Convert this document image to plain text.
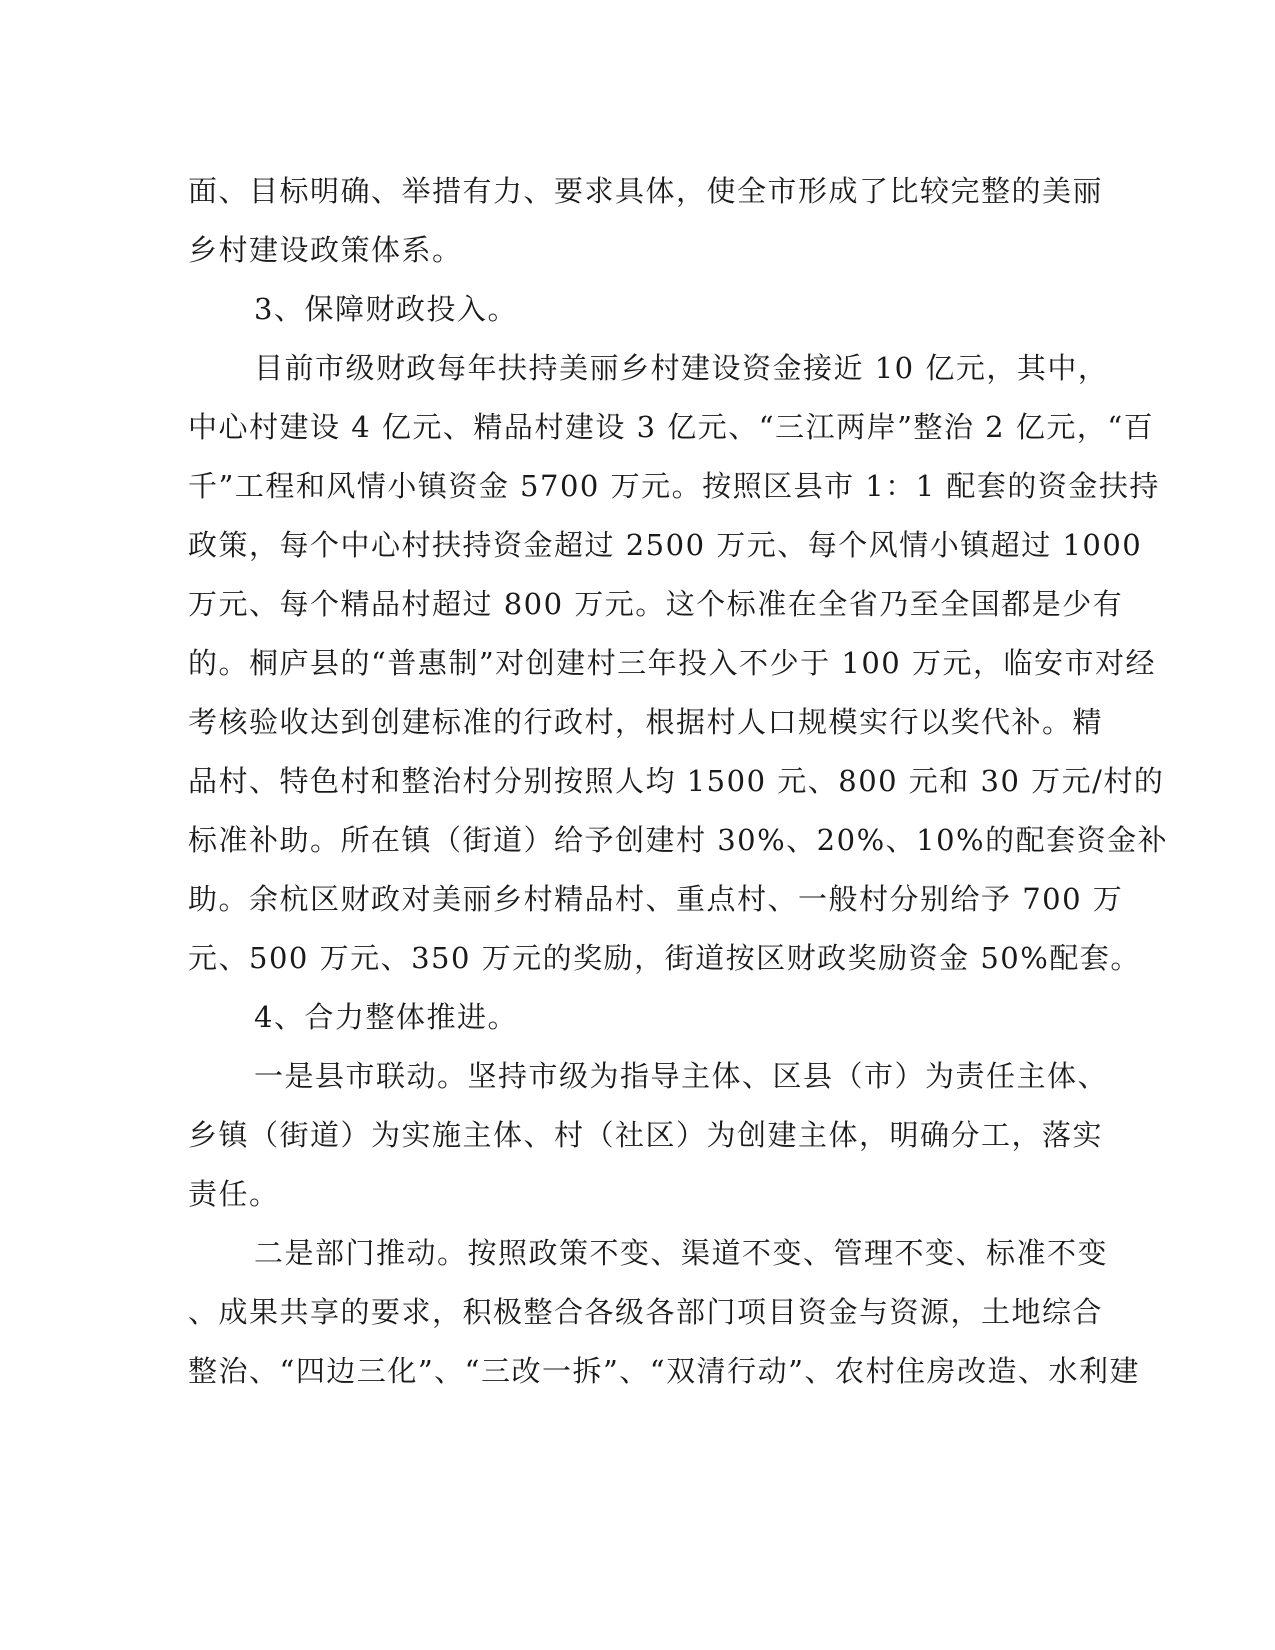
面、目标明确、举措有力、要求具体，使全市形成了比较完整的美丽
乡村建设政策体系。
3、保障财政投入。
目前市级财政每年扶持美丽乡村建设资金接近 10 亿元，其中，
中心村建设 4 亿元、精品村建设 3 亿元、“三江两岸”整治 2 亿元，“百
千”工程和风情小镇资金 5700 万元。按照区县市 1：1 配套的资金扶持
政策，每个中心村扶持资金超过 2500 万元、每个风情小镇超过 1000
万元、每个精品村超过 800 万元。这个标准在全省乃至全国都是少有
的。桐庐县的“普惠制”对创建村三年投入不少于 100 万元，临安市对经
考核验收达到创建标准的行政村，根据村人口规模实行以奖代补。精
品村、特色村和整治村分别按照人均 1500 元、800 元和 30 万元/村的
标准补助。所在镇（街道）给予创建村 30%、20%、10%的配套资金补
助。余杭区财政对美丽乡村精品村、重点村、一般村分别给予 700 万
元、500 万元、350 万元的奖励，街道按区财政奖励资金 50%配套。
4、合力整体推进。
一是县市联动。坚持市级为指导主体、区县（市）为责任主体、
乡镇（街道）为实施主体、村（社区）为创建主体，明确分工，落实
责任。
二是部门推动。按照政策不变、渠道不变、管理不变、标准不变
、成果共享的要求，积极整合各级各部门项目资金与资源，土地综合
整治、“四边三化”、“三改一拆”、“双清行动”、农村住房改造、水利建
